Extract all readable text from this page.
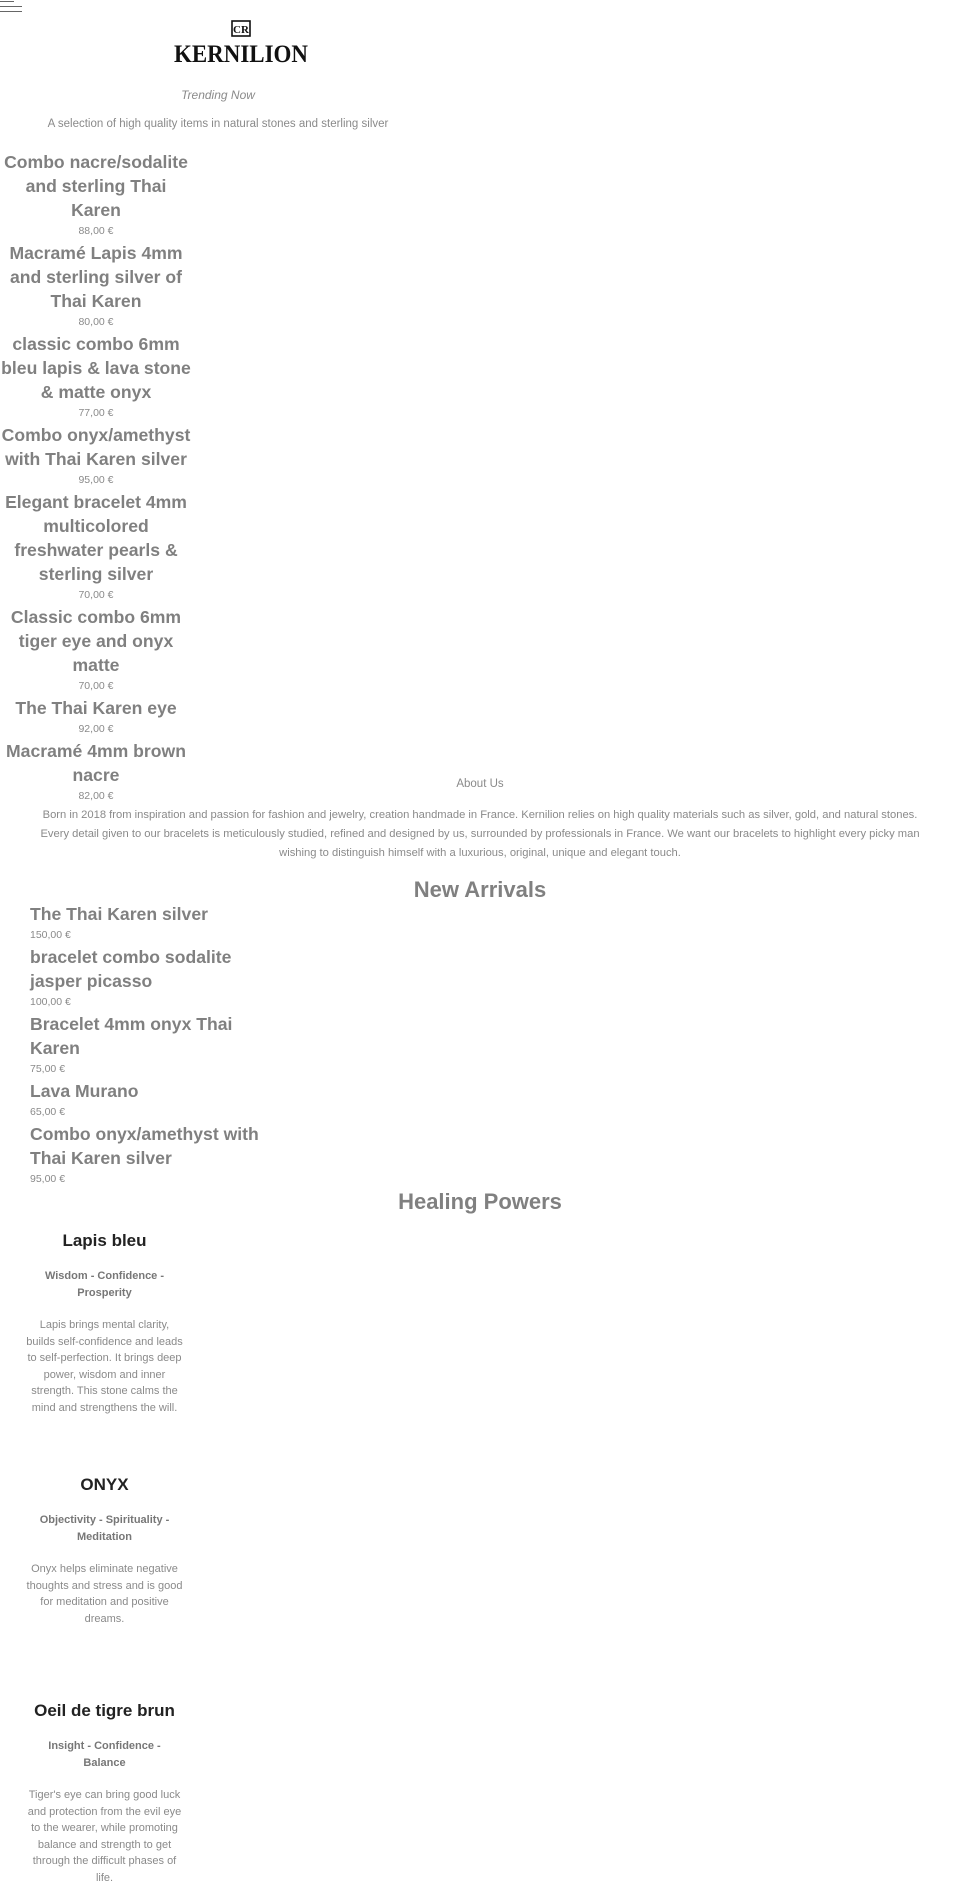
CR
KERNILION
Trending Now
A selection of high quality items in natural stones and sterling silver
Combo nacre/sodalite and sterling Thai Karen
88,00 €
Macramé Lapis 4mm and sterling silver of Thai Karen
80,00 €
classic combo 6mm bleu lapis & lava stone & matte onyx
77,00 €
Combo onyx/amethyst with Thai Karen silver
95,00 €
Elegant bracelet 4mm multicolored freshwater pearls & sterling silver
70,00 €
Classic combo 6mm tiger eye and onyx matte
70,00 €
The Thai Karen eye
92,00 €
Macramé 4mm brown nacre
82,00 €
About Us

Born in 2018 from inspiration and passion for fashion and jewelry, creation handmade in France. Kernilion relies on high quality materials such as silver, gold, and natural stones. Every detail given to our bracelets is meticulously studied, refined and designed by us, surrounded by professionals in France. We want our bracelets to highlight every picky man wishing to distinguish himself with a luxurious, original, unique and elegant touch.

New Arrivals
The Thai Karen silver
150,00 €
bracelet combo sodalite jasper picasso
100,00 €
Bracelet 4mm onyx Thai Karen
75,00 €
Lava Murano
65,00 €
Combo onyx/amethyst with Thai Karen silver
95,00 €
Healing Powers
Lapis bleu
Wisdom - Confidence - Prosperity
Lapis brings mental clarity, builds self-confidence and leads to self-perfection. It brings deep power, wisdom and inner strength. This stone calms the mind and strengthens the will.
ONYX
Objectivity - Spirituality - Meditation
Onyx helps eliminate negative thoughts and stress and is good for meditation and positive dreams.
Oeil de tigre brun
Insight - Confidence - Balance
Tiger's eye can bring good luck and protection from the evil eye to the wearer, while promoting balance and strength to get through the difficult phases of life.
